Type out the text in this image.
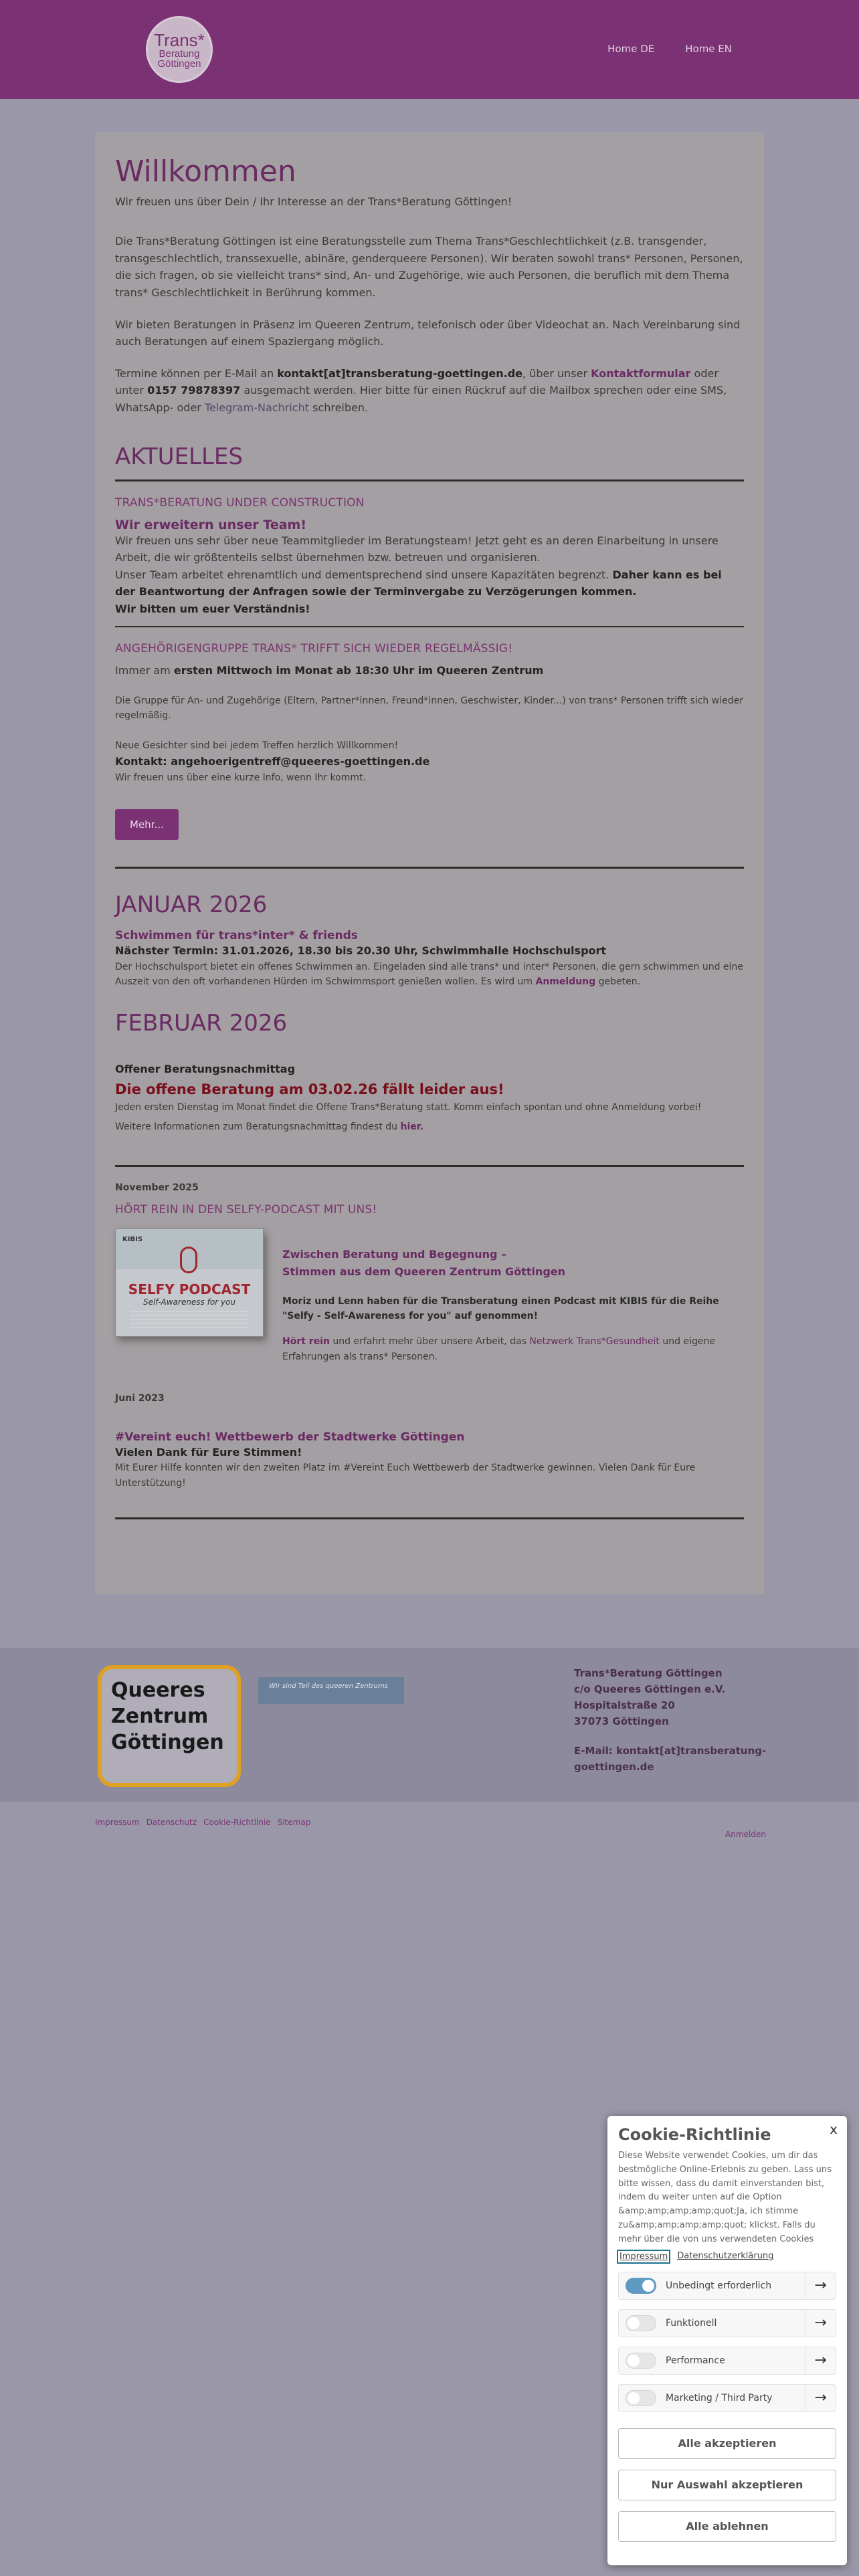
Trans*
Beratung
Göttingen
Home DE	Home EN
Willkommen

Wir freuen uns über Dein / Ihr Interesse an der Trans*Beratung Göttingen!

Die Trans*Beratung Göttingen ist eine Beratungsstelle zum Thema Trans*Geschlechtlichkeit (z.B. transgender, transgeschlechtlich, transsexuelle, abinäre, genderqueere Personen). Wir beraten sowohl trans* Personen, Personen, die sich fragen, ob sie vielleicht trans* sind, An- und Zugehörige, wie auch Personen, die beruflich mit dem Thema trans* Geschlechtlichkeit in Berührung kommen.

Wir bieten Beratungen in Präsenz im Queeren Zentrum, telefonisch oder über Videochat an. Nach Vereinbarung sind auch Beratungen auf einem Spaziergang möglich.

Termine können per E-Mail an kontakt[at]transberatung-goettingen.de, über unser Kontaktformular oder unter 0157 79878397 ausgemacht werden. Hier bitte für einen Rückruf auf die Mailbox sprechen oder eine SMS, WhatsApp- oder Telegram-Nachricht schreiben.

AKTUELLES
TRANS*BERATUNG UNDER CONSTRUCTION
Wir erweitern unser Team!

Wir freuen uns sehr über neue Teammitglieder im Beratungsteam! Jetzt geht es an deren Einarbeitung in unsere Arbeit, die wir größtenteils selbst übernehmen bzw. betreuen und organisieren.

Unser Team arbeitet ehrenamtlich und dementsprechend sind unsere Kapazitäten begrenzt. Daher kann es bei der Beantwortung der Anfragen sowie der Terminvergabe zu Verzögerungen kommen.

Wir bitten um euer Verständnis!

ANGEHÖRIGENGRUPPE TRANS* TRIFFT SICH WIEDER REGELMÄSSIG!

Immer am ersten Mittwoch im Monat ab 18:30 Uhr im Queeren Zentrum

Die Gruppe für An- und Zugehörige (Eltern, Partner*innen, Freund*innen, Geschwister, Kinder...) von trans* Personen trifft sich wieder regelmäßig.

Neue Gesichter sind bei jedem Treffen herzlich Willkommen!

Kontakt: angehoerigentreff@queeres-goettingen.de

Wir freuen uns über eine kurze Info, wenn Ihr kommt.

Mehr...
JANUAR 2026
Schwimmen für trans*inter* & friends

Nächster Termin: 31.01.2026, 18.30 bis 20.30 Uhr, Schwimmhalle Hochschulsport

Der Hochschulsport bietet ein offenes Schwimmen an. Eingeladen sind alle trans* und inter* Personen, die gern schwimmen und eine Auszeit von den oft vorhandenen Hürden im Schwimmsport genießen wollen. Es wird um Anmeldung gebeten.

FEBRUAR 2026
Offener Beratungsnachmittag
Die offene Beratung am 03.02.26 fällt leider aus!

Jeden ersten Dienstag im Monat findet die Offene Trans*Beratung statt. Komm einfach spontan und ohne Anmeldung vorbei!

Weitere Informationen zum Beratungsnachmittag findest du hier.

November 2025
HÖRT REIN IN DEN SELFY-PODCAST MIT UNS!
KIBIS
SELFY PODCAST
Self-Awareness for you
Zwischen Beratung und Begegnung –
Stimmen aus dem Queeren Zentrum Göttingen
Moriz und Lenn haben für die Transberatung einen Podcast mit KIBIS für die Reihe
"Selfy - Self-Awareness for you" auf genommen!
Hört rein und erfahrt mehr über unsere Arbeit, das Netzwerk Trans*Gesundheit und eigene Erfahrungen als trans* Personen.
Juni 2023
#Vereint euch! Wettbewerb der Stadtwerke Göttingen
Vielen Dank für Eure Stimmen!

Mit Eurer Hilfe konnten wir den zweiten Platz im #Vereint Euch Wettbewerb der Stadtwerke gewinnen. Vielen Dank für Eure Unterstützung!

Queeres
Zentrum
Göttingen
Wir sind Teil des queeren Zentrums
Trans*Beratung Göttingen
c/o Queeres Göttingen e.V.
Hospitalstraße 20
37073 Göttingen
E-Mail: kontakt[at]transberatung-goettingen.de
Impressum Datenschutz Cookie-Richtlinie Sitemap
Anmelden
x
Cookie-Richtlinie
Diese Website verwendet Cookies, um dir das bestmögliche Online-Erlebnis zu geben. Lass uns bitte wissen, dass du damit einverstanden bist, indem du weiter unten auf die Option &amp;amp;amp;amp;quot;Ja, ich stimme zu&amp;amp;amp;amp;quot; klickst. Falls du mehr über die von uns verwendeten Cookies
Impressum Datenschutzerklärung
Unbedingt erforderlich	→
Funktionell	→
Performance	→
Marketing / Third Party	→
Alle akzeptieren
Nur Auswahl akzeptieren
Alle ablehnen
